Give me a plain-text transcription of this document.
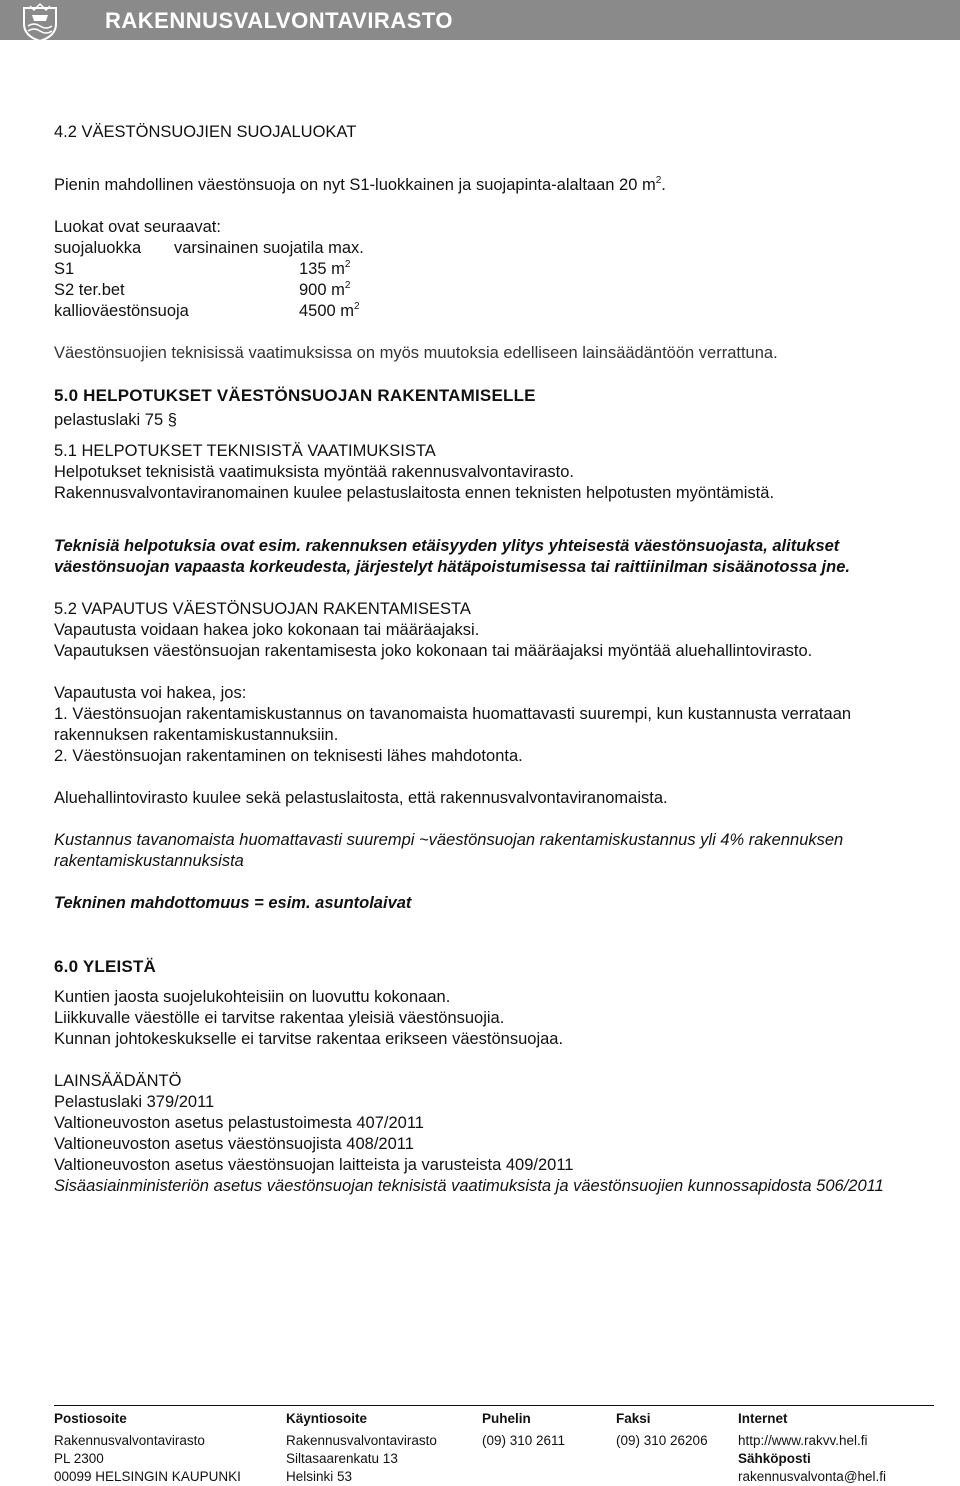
RAKENNUSVALVONTAVIRASTO

4.2 VÄESTÖNSUOJIEN SUOJALUOKAT

Pienin mahdollinen väestönsuoja on nyt S1-luokkainen ja suojapinta-alaltaan 20 $m^2$.

Luokat ovat seuraavat:

suojaluokka	varsinainen suojatila max.
S1	135 $m^2$
S2 ter.bet	900 $m^2$
kallioväestönsuoja	4500 $m^2$

Väestönsuojien teknisissä vaatimuksissa on myös muutoksia edelliseen lainsäädäntöön verrattuna.

5.0 HELPOTUKSET VÄESTÖNSUOJAN RAKENTAMISELLE

pelastuslaki 75 §

5.1 HELPOTUKSET TEKNISISTÄ VAATIMUKSISTA

Helpotukset teknisistä vaatimuksista myöntää rakennusvalvontavirasto.

Rakennusvalvontaviranomainen kuulee pelastuslaitosta ennen teknisten helpotusten myöntämistä.

Teknisiä helpotuksia ovat esim. rakennuksen etäisyyden ylitys yhteisestä väestönsuojasta, alitukset väestönsuojan vapaasta korkeudesta, järjestelyt hätäpoistumisessa tai raittiinilman sisäänotossa jne.

5.2 VAPAUTUS VÄESTÖNSUOJAN RAKENTAMISESTA

Vapautusta voidaan hakea joko kokonaan tai määräajaksi.

Vapautuksen väestönsuojan rakentamisesta joko kokonaan tai määräajaksi myöntää aluehallintovirasto.

Vapautusta voi hakea, jos:

1. Väestönsuojan rakentamiskustannus on tavanomaista huomattavasti suurempi, kun kustannusta verrataan rakennuksen rakentamiskustannuksiin.

2. Väestönsuojan rakentaminen on teknisesti lähes mahdotonta.

Aluehallintovirasto kuulee sekä pelastuslaitosta, että rakennusvalvontaviranomaista.

Kustannus tavanomaista huomattavasti suurempi ~väestönsuojan rakentamiskustannus yli 4% rakennuksen rakentamiskustannuksista

Tekninen mahdottomuus = esim. asuntolaivat

6.0 YLEISTÄ

Kuntien jaosta suojelukohteisiin on luovuttu kokonaan.

Liikkuvalle väestölle ei tarvitse rakentaa yleisiä väestönsuojia.

Kunnan johtokeskukselle ei tarvitse rakentaa erikseen väestönsuojaa.

LAINSÄÄDÄNTÖ

Pelastuslaki 379/2011

Valtioneuvoston asetus pelastustoimesta 407/2011

Valtioneuvoston asetus väestönsuojista 408/2011

Valtioneuvoston asetus väestönsuojan laitteista ja varusteista 409/2011

Sisäasiainministeriön asetus väestönsuojan teknisistä vaatimuksista ja väestönsuojien kunnossapidosta 506/2011

Postiosoite
Rakennusvalvontavirasto
PL 2300
00099 HELSINGIN KAUPUNKI
Käyntiosoite
Rakennusvalvontavirasto
Siltasaarenkatu 13
Helsinki 53
Puhelin
(09) 310 2611
Faksi
(09) 310 26206
Internet
http://www.rakvv.hel.fi
Sähköposti
rakennusvalvonta@hel.fi
